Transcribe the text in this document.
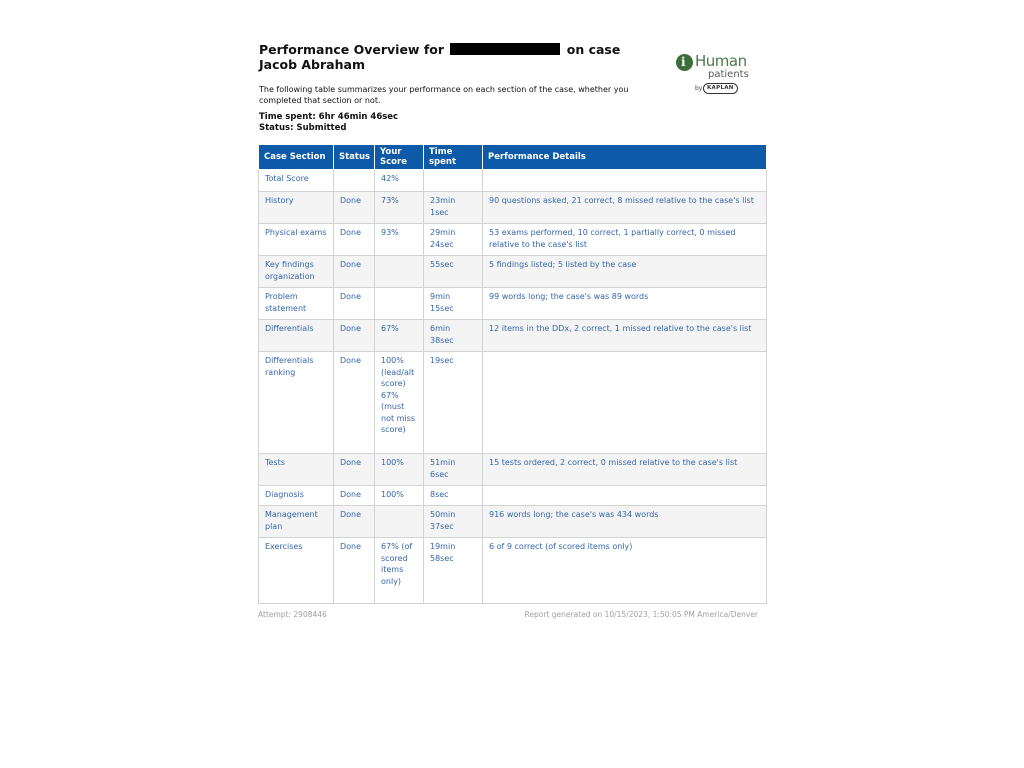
Performance Overview for	on case Jacob Abraham
The following table summarizes your performance on each section of the case, whether you completed that section or not.
Time spent: 6hr 46min 46sec
Status: Submitted
i Human
patients
by KAPLAN
Case Section	Status	Your Score	Time spent	Performance Details
Total Score		42%		
History	Done	73%	23min 1sec	90 questions asked, 21 correct, 8 missed relative to the case's list
Physical exams	Done	93%	29min 24sec	53 exams performed, 10 correct, 1 partially correct, 0 missed relative to the case's list
Key findings organization	Done		55sec	5 findings listed; 5 listed by the case
Problem statement	Done		9min 15sec	99 words long; the case's was 89 words
Differentials	Done	67%	6min 38sec	12 items in the DDx, 2 correct, 1 missed relative to the case's list
Differentials ranking	Done	100% (lead/alt score) 67% (must not miss score)	19sec	
Tests	Done	100%	51min 6sec	15 tests ordered, 2 correct, 0 missed relative to the case's list
Diagnosis	Done	100%	8sec	
Management plan	Done		50min 37sec	916 words long; the case's was 434 words
Exercises	Done	67% (of scored items only)	19min 58sec	6 of 9 correct (of scored items only)
Attempt: 2908446	Report generated on 10/15/2023, 1:50:05 PM America/Denver
